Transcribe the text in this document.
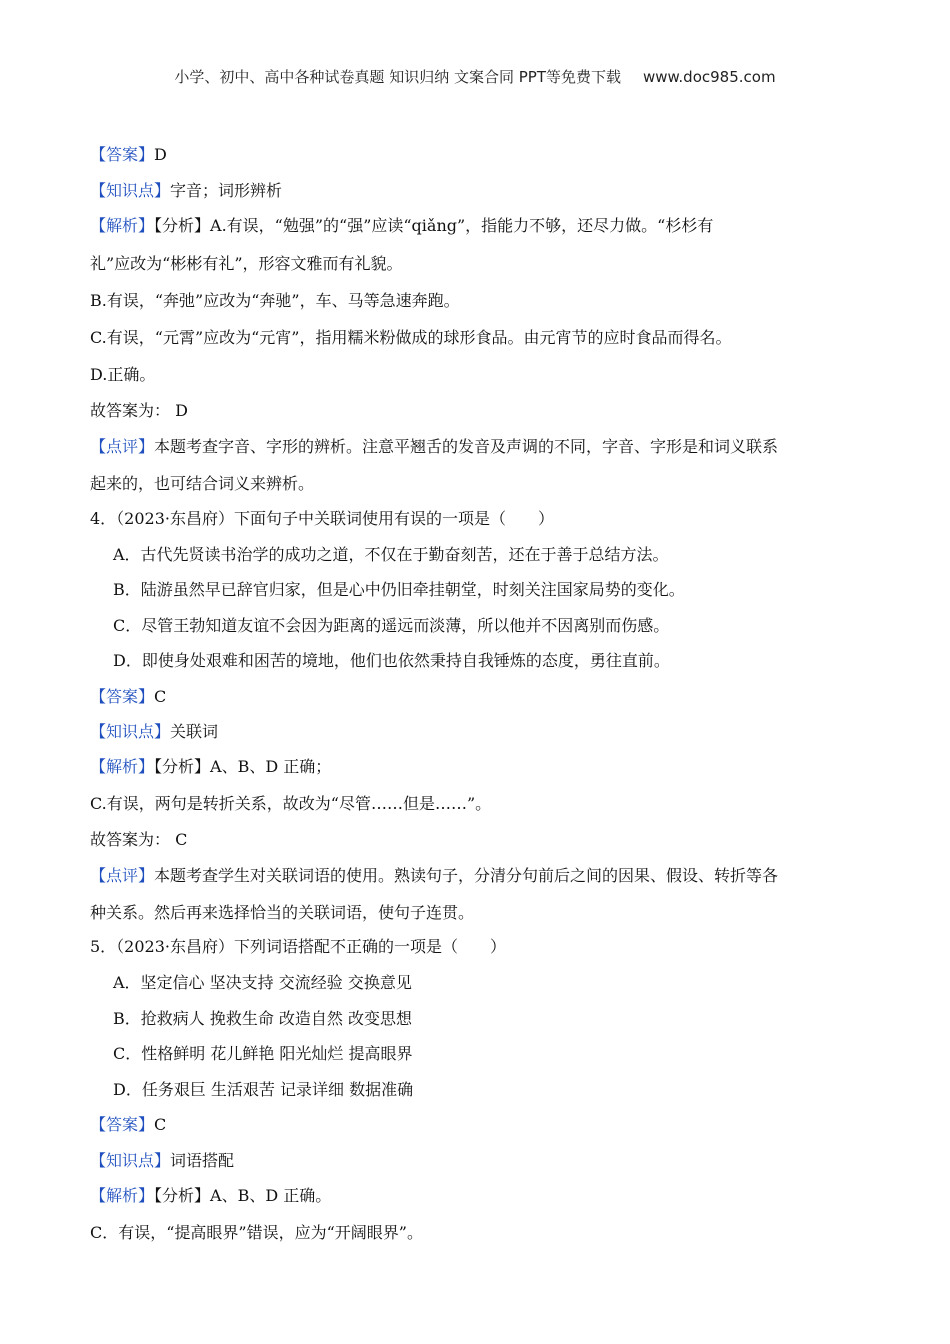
小学、初中、高中各种试卷真题 知识归纳 文案合同 PPT等免费下载 www.doc985.com
【答案】D
【知识点】字音；词形辨析
【解析】【分析】A.有误，“勉强”的“强”应读“qiǎng”，指能力不够，还尽力做。“杉杉有
礼”应改为“彬彬有礼”，形容文雅而有礼貌。
B.有误，“奔弛”应改为“奔驰”，车、马等急速奔跑。
C.有误，“元霄”应改为“元宵”，指用糯米粉做成的球形食品。由元宵节的应时食品而得名。
D.正确。
故答案为： D
【点评】本题考查字音、字形的辨析。注意平翘舌的发音及声调的不同，字音、字形是和词义联系
起来的，也可结合词义来辨析。
4．（2023·东昌府）下面句子中关联词使用有误的一项是（　　）
A．古代先贤读书治学的成功之道，不仅在于勤奋刻苦，还在于善于总结方法。
B．陆游虽然早已辞官归家，但是心中仍旧牵挂朝堂，时刻关注国家局势的变化。
C．尽管王勃知道友谊不会因为距离的遥远而淡薄，所以他并不因离别而伤感。
D．即使身处艰难和困苦的境地，他们也依然秉持自我锤炼的态度，勇往直前。
【答案】C
【知识点】关联词
【解析】【分析】A、B、D 正确；
C.有误，两句是转折关系，故改为“尽管……但是……”。
故答案为： C
【点评】本题考查学生对关联词语的使用。熟读句子，分清分句前后之间的因果、假设、转折等各
种关系。然后再来选择恰当的关联词语，使句子连贯。
5．（2023·东昌府）下列词语搭配不正确的一项是（　　）
A．坚定信心 坚决支持 交流经验 交换意见
B．抢救病人 挽救生命 改造自然 改变思想
C．性格鲜明 花儿鲜艳 阳光灿烂 提高眼界
D．任务艰巨 生活艰苦 记录详细 数据准确
【答案】C
【知识点】词语搭配
【解析】【分析】A、B、D 正确。
C．有误，“提高眼界”错误，应为“开阔眼界”。
